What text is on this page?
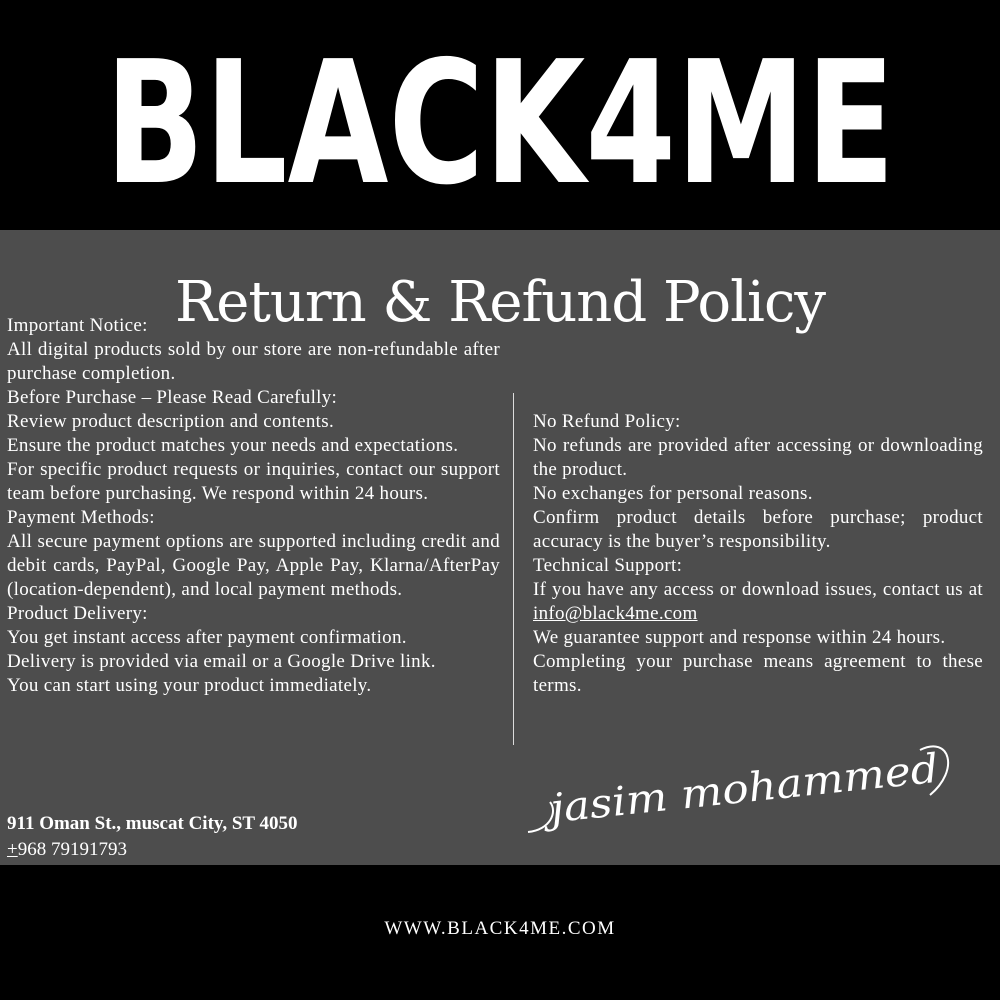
BLACK4ME
Return & Refund Policy

Important Notice:

All digital products sold by our store are non-refundable after purchase completion.

Before Purchase – Please Read Carefully:

Review product description and contents.

Ensure the product matches your needs and expectations.

For specific product requests or inquiries, contact our support team before purchasing. We respond within 24 hours.

Payment Methods:

All secure payment options are supported including credit and debit cards, PayPal, Google Pay, Apple Pay, Klarna/AfterPay (location-dependent), and local payment methods.

Product Delivery:

You get instant access after payment confirmation.

Delivery is provided via email or a Google Drive link.

You can start using your product immediately.

No Refund Policy:

No refunds are provided after accessing or downloading the product.

No exchanges for personal reasons.

Confirm product details before purchase; product accuracy is the buyer’s responsibility.

Technical Support:

If you have any access or download issues, contact us at info@black4me.com

We guarantee support and response within 24 hours.

Completing your purchase means agreement to these terms.

jasim mohammed
911 Oman St., muscat City, ST 4050
+968 79191793
WWW.BLACK4ME.COM
